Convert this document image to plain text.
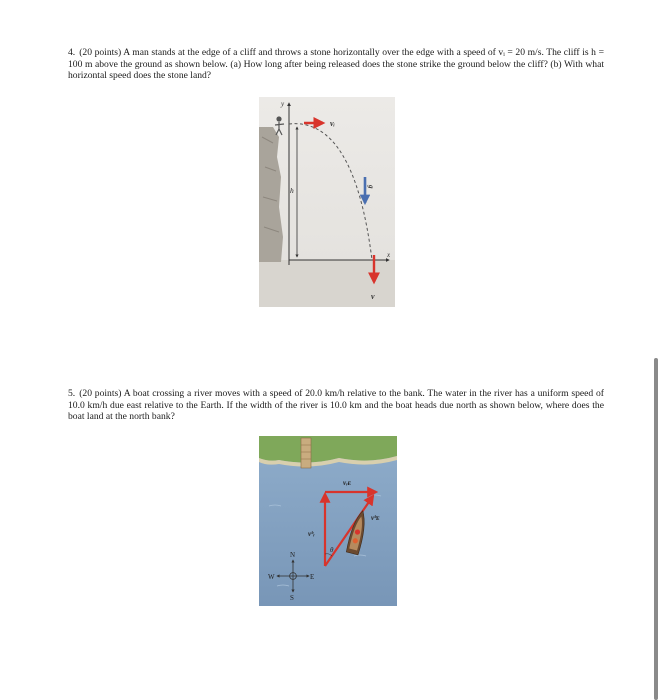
4. (20 points) A man stands at the edge of a cliff and throws a stone horizontally over the edge with a speed of vᵢ = 20 m/s. The cliff is h = 100 m above the ground as shown below. (a) How long after being released does the stone strike the ground below the cliff? (b) With what horizontal speed does the stone land?
y
x
h
vᵢ
g
v
5. (20 points) A boat crossing a river moves with a speed of 20.0 km/h relative to the bank. The water in the river has a uniform speed of 10.0 km/h due east relative to the Earth. If the width of the river is 10.0 km and the boat heads due north as shown below, where does the boat land at the north bank?
vᵣᴇ
vᵇᴇ
vᵇᵣ
θ
N
S
E
W
